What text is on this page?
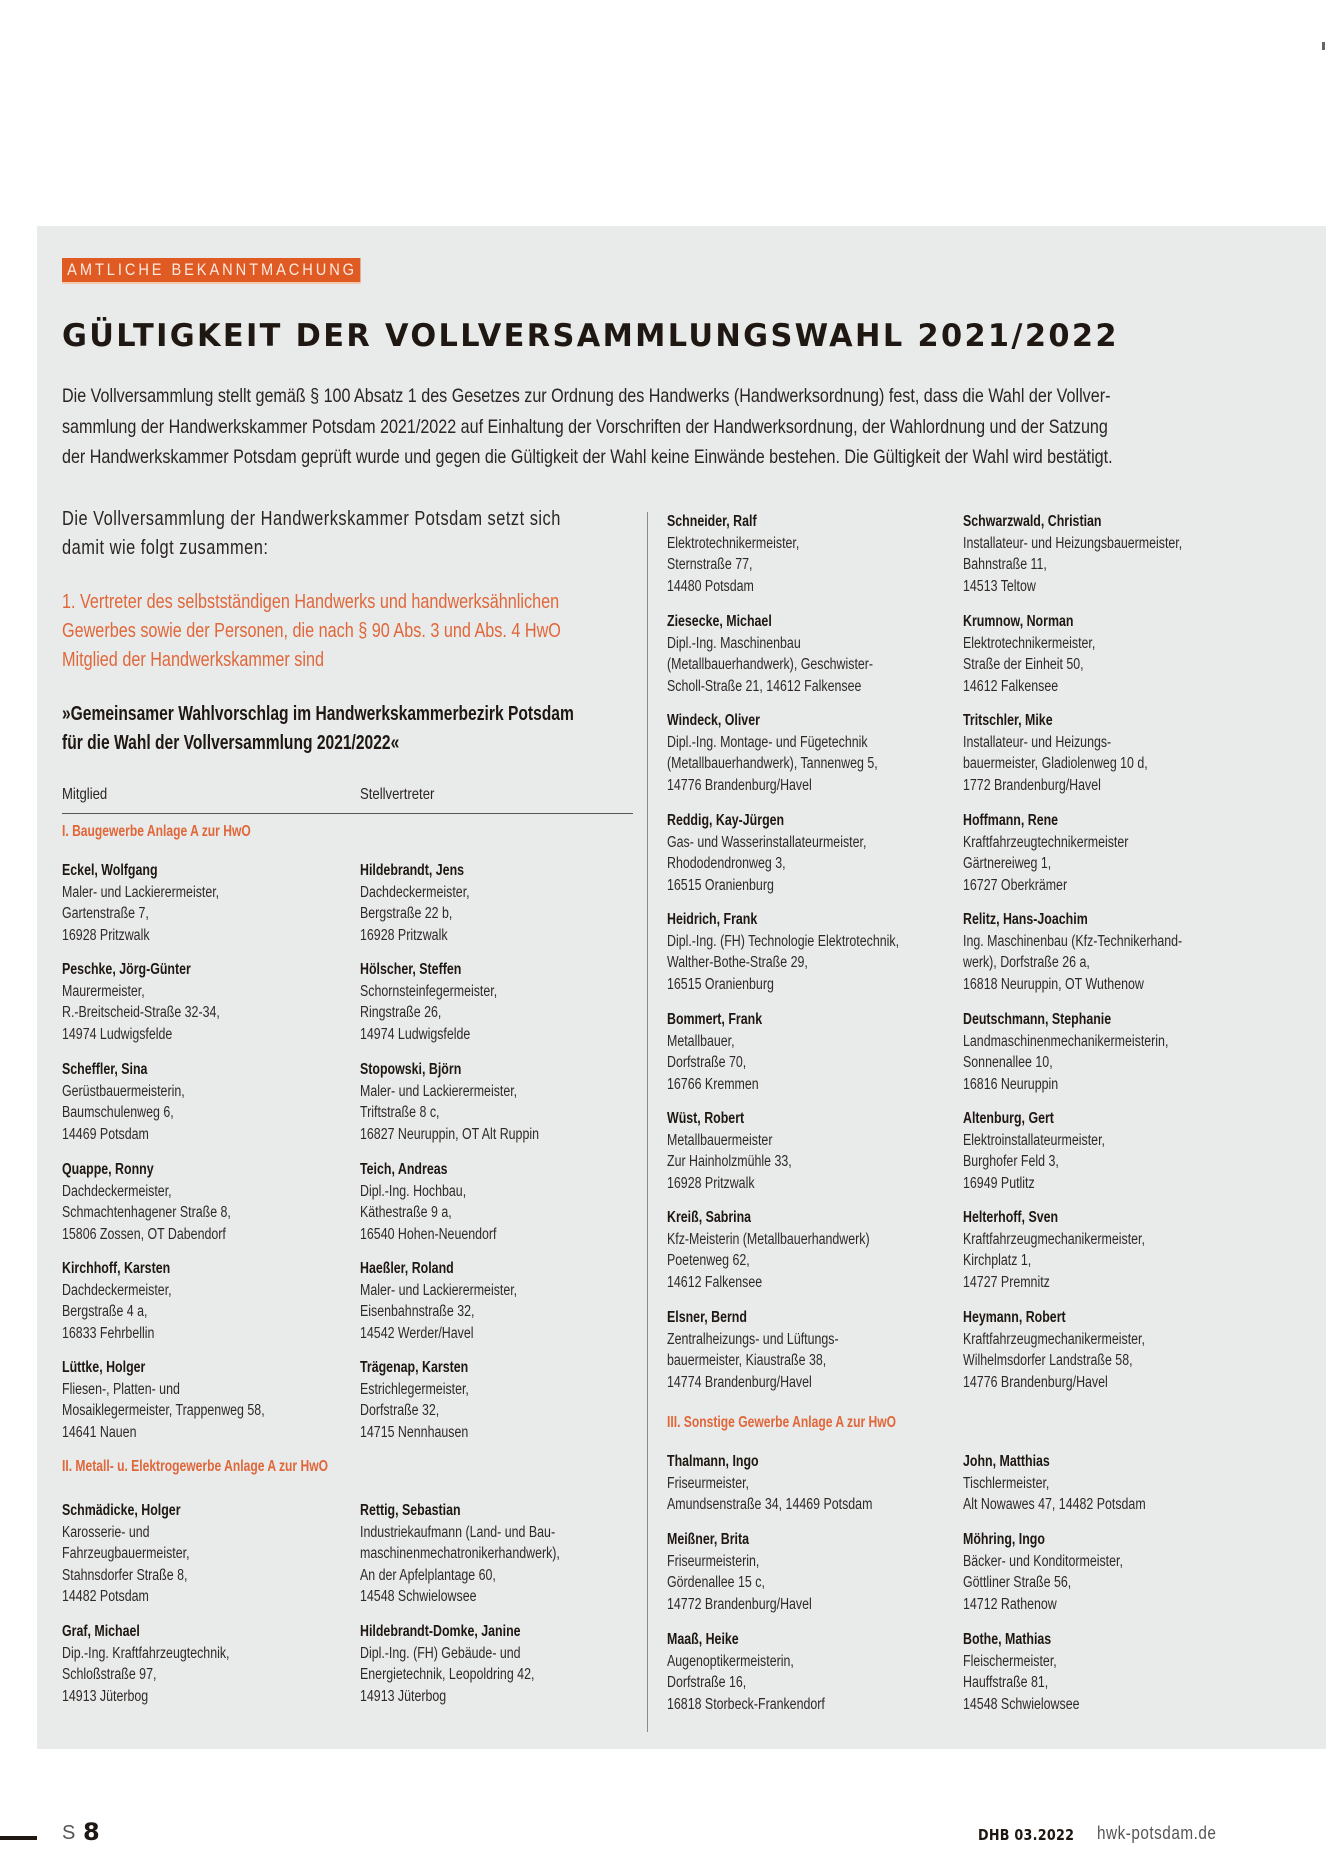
AMTLICHE BEKANNTMACHUNG
GÜLTIGKEIT DER VOLLVERSAMMLUNGSWAHL 2021/2022
Die Vollversammlung stellt gemäß § 100 Absatz 1 des Gesetzes zur Ordnung des Handwerks (Handwerksordnung) fest, dass die Wahl der Vollver-
sammlung der Handwerkskammer Potsdam 2021/2022 auf Einhaltung der Vorschriften der Handwerksordnung, der Wahlordnung und der Satzung
der Handwerkskammer Potsdam geprüft wurde und gegen die Gültigkeit der Wahl keine Einwände bestehen. Die Gültigkeit der Wahl wird bestätigt.
Die Vollversammlung der Handwerkskammer Potsdam setzt sich
damit wie folgt zusammen:
1. Vertreter des selbstständigen Handwerks und handwerksähnlichen
Gewerbes sowie der Personen, die nach § 90 Abs. 3 und Abs. 4 HwO
Mitglied der Handwerkskammer sind
»Gemeinsamer Wahlvorschlag im Handwerkskammerbezirk Potsdam
für die Wahl der Vollversammlung 2021/2022«
Mitglied	Stellvertreter
I. Baugewerbe Anlage A zur HwO
II. Metall- u. Elektrogewerbe Anlage A zur HwO
III. Sonstige Gewerbe Anlage A zur HwO
Eckel, Wolfgang
Maler- und Lackierermeister,
Gartenstraße 7,
16928 Pritzwalk
Hildebrandt, Jens
Dachdeckermeister,
Bergstraße 22 b,
16928 Pritzwalk
Peschke, Jörg-Günter
Maurermeister,
R.-Breitscheid-Straße 32-34,
14974 Ludwigsfelde
Hölscher, Steffen
Schornsteinfegermeister,
Ringstraße 26,
14974 Ludwigsfelde
Scheffler, Sina
Gerüstbauermeisterin,
Baumschulenweg 6,
14469 Potsdam
Stopowski, Björn
Maler- und Lackierermeister,
Triftstraße 8 c,
16827 Neuruppin, OT Alt Ruppin
Quappe, Ronny
Dachdeckermeister,
Schmachtenhagener Straße 8,
15806 Zossen, OT Dabendorf
Teich, Andreas
Dipl.-Ing. Hochbau,
Käthestraße 9 a,
16540 Hohen-Neuendorf
Kirchhoff, Karsten
Dachdeckermeister,
Bergstraße 4 a,
16833 Fehrbellin
Haeßler, Roland
Maler- und Lackierermeister,
Eisenbahnstraße 32,
14542 Werder/Havel
Lüttke, Holger
Fliesen-, Platten- und
Mosaiklegermeister, Trappenweg 58,
14641 Nauen
Trägenap, Karsten
Estrichlegermeister,
Dorfstraße 32,
14715 Nennhausen
Schmädicke, Holger
Karosserie- und
Fahrzeugbauermeister,
Stahnsdorfer Straße 8,
14482 Potsdam
Rettig, Sebastian
Industriekaufmann (Land- und Bau-
maschinenmechatronikerhandwerk),
An der Apfelplantage 60,
14548 Schwielowsee
Graf, Michael
Dip.-Ing. Kraftfahrzeugtechnik,
Schloßstraße 97,
14913 Jüterbog
Hildebrandt-Domke, Janine
Dipl.-Ing. (FH) Gebäude- und
Energietechnik, Leopoldring 42,
14913 Jüterbog
Schneider, Ralf
Elektrotechnikermeister,
Sternstraße 77,
14480 Potsdam
Schwarzwald, Christian
Installateur- und Heizungsbauermeister,
Bahnstraße 11,
14513 Teltow
Ziesecke, Michael
Dipl.-Ing. Maschinenbau
(Metallbauerhandwerk), Geschwister-
Scholl-Straße 21, 14612 Falkensee
Krumnow, Norman
Elektrotechnikermeister,
Straße der Einheit 50,
14612 Falkensee
Windeck, Oliver
Dipl.-Ing. Montage- und Fügetechnik
(Metallbauerhandwerk), Tannenweg 5,
14776 Brandenburg/Havel
Tritschler, Mike
Installateur- und Heizungs-
bauermeister, Gladiolenweg 10 d,
1772 Brandenburg/Havel
Reddig, Kay-Jürgen
Gas- und Wasserinstallateurmeister,
Rhododendronweg 3,
16515 Oranienburg
Hoffmann, Rene
Kraftfahrzeugtechnikermeister
Gärtnereiweg 1,
16727 Oberkrämer
Heidrich, Frank
Dipl.-Ing. (FH) Technologie Elektrotechnik,
Walther-Bothe-Straße 29,
16515 Oranienburg
Relitz, Hans-Joachim
Ing. Maschinenbau (Kfz-Technikerhand-
werk), Dorfstraße 26 a,
16818 Neuruppin, OT Wuthenow
Bommert, Frank
Metallbauer,
Dorfstraße 70,
16766 Kremmen
Deutschmann, Stephanie
Landmaschinenmechanikermeisterin,
Sonnenallee 10,
16816 Neuruppin
Wüst, Robert
Metallbauermeister
Zur Hainholzmühle 33,
16928 Pritzwalk
Altenburg, Gert
Elektroinstallateurmeister,
Burghofer Feld 3,
16949 Putlitz
Kreiß, Sabrina
Kfz-Meisterin (Metallbauerhandwerk)
Poetenweg 62,
14612 Falkensee
Helterhoff, Sven
Kraftfahrzeugmechanikermeister,
Kirchplatz 1,
14727 Premnitz
Elsner, Bernd
Zentralheizungs- und Lüftungs-
bauermeister, Kiaustraße 38,
14774 Brandenburg/Havel
Heymann, Robert
Kraftfahrzeugmechanikermeister,
Wilhelmsdorfer Landstraße 58,
14776 Brandenburg/Havel
Thalmann, Ingo
Friseurmeister,
Amundsenstraße 34, 14469 Potsdam
John, Matthias
Tischlermeister,
Alt Nowawes 47, 14482 Potsdam
Meißner, Brita
Friseurmeisterin,
Gördenallee 15 c,
14772 Brandenburg/Havel
Möhring, Ingo
Bäcker- und Konditormeister,
Göttliner Straße 56,
14712 Rathenow
Maaß, Heike
Augenoptikermeisterin,
Dorfstraße 16,
16818 Storbeck-Frankendorf
Bothe, Mathias
Fleischermeister,
Hauffstraße 81,
14548 Schwielowsee
S 8	DHB 03.2022 hwk-potsdam.de
